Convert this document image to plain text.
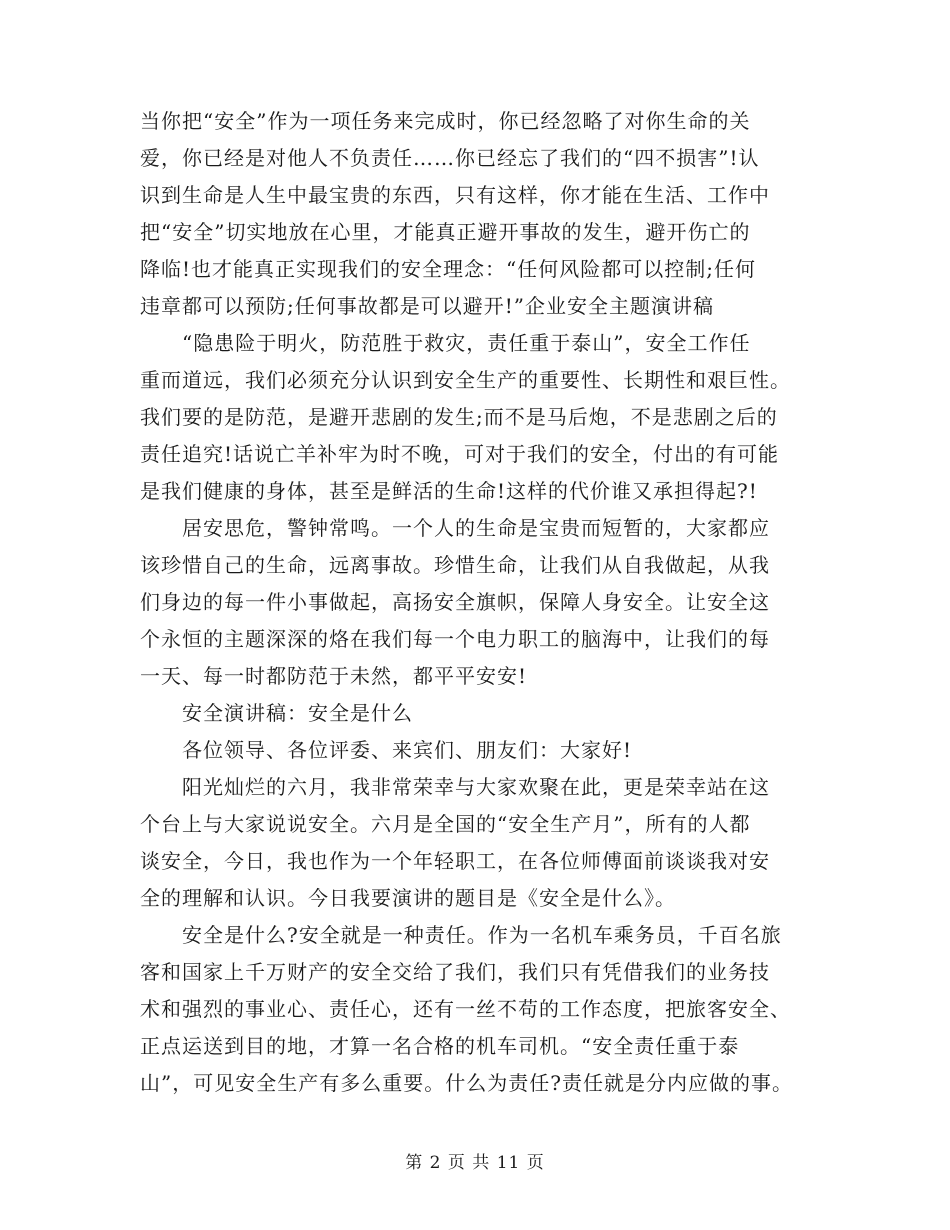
当你把“安全”作为一项任务来完成时，你已经忽略了对你生命的关
爱，你已经是对他人不负责任……你已经忘了我们的“四不损害”!认
识到生命是人生中最宝贵的东西，只有这样，你才能在生活、工作中
把“安全”切实地放在心里，才能真正避开事故的发生，避开伤亡的
降临!也才能真正实现我们的安全理念：“任何风险都可以控制;任何
违章都可以预防;任何事故都是可以避开!”企业安全主题演讲稿
　　“隐患险于明火，防范胜于救灾，责任重于泰山”，安全工作任
重而道远，我们必须充分认识到安全生产的重要性、长期性和艰巨性。
我们要的是防范，是避开悲剧的发生;而不是马后炮，不是悲剧之后的
责任追究!话说亡羊补牢为时不晚，可对于我们的安全，付出的有可能
是我们健康的身体，甚至是鲜活的生命!这样的代价谁又承担得起?!
　　居安思危，警钟常鸣。一个人的生命是宝贵而短暂的，大家都应
该珍惜自己的生命，远离事故。珍惜生命，让我们从自我做起，从我
们身边的每一件小事做起，高扬安全旗帜，保障人身安全。让安全这
个永恒的主题深深的烙在我们每一个电力职工的脑海中，让我们的每
一天、每一时都防范于未然，都平平安安!
　　安全演讲稿：安全是什么
　　各位领导、各位评委、来宾们、朋友们：大家好!
　　阳光灿烂的六月，我非常荣幸与大家欢聚在此，更是荣幸站在这
个台上与大家说说安全。六月是全国的“安全生产月”，所有的人都
谈安全，今日，我也作为一个年轻职工，在各位师傅面前谈谈我对安
全的理解和认识。今日我要演讲的题目是《安全是什么》。
　　安全是什么?安全就是一种责任。作为一名机车乘务员，千百名旅
客和国家上千万财产的安全交给了我们，我们只有凭借我们的业务技
术和强烈的事业心、责任心，还有一丝不苟的工作态度，把旅客安全、
正点运送到目的地，才算一名合格的机车司机。“安全责任重于泰
山”，可见安全生产有多么重要。什么为责任?责任就是分内应做的事。
第 2 页 共 11 页
